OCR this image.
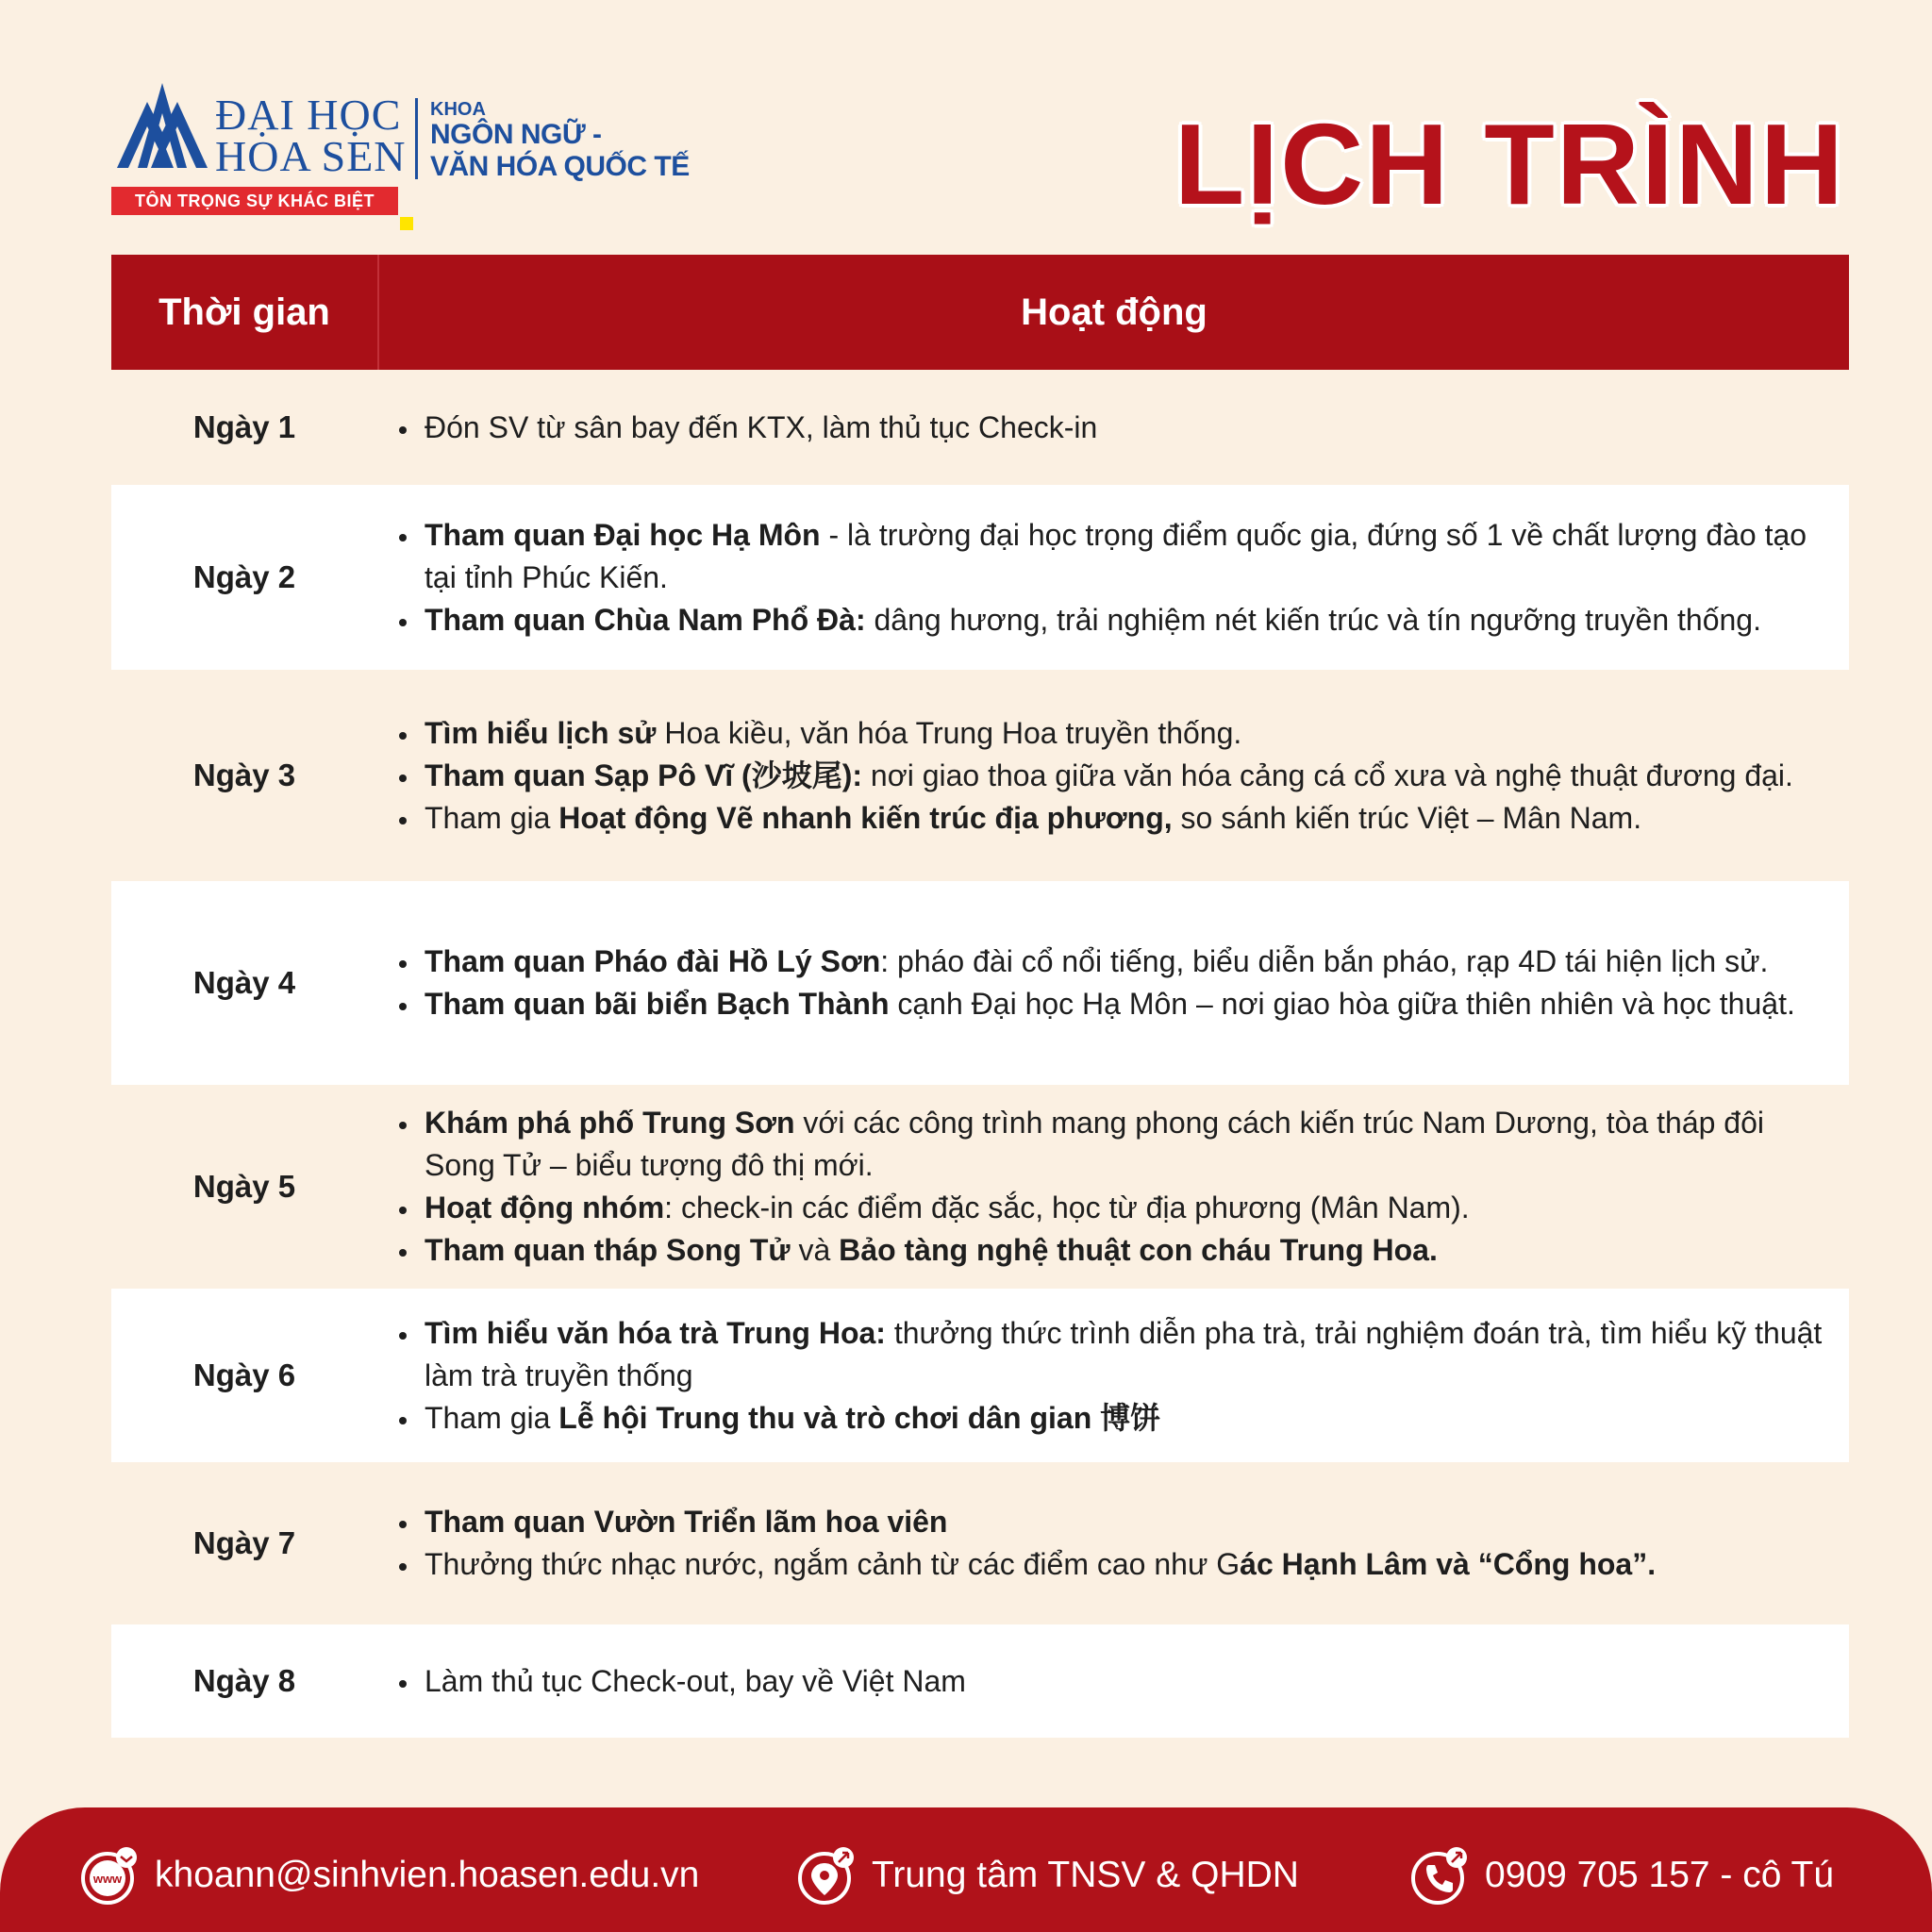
ĐẠI HỌC
HOA SEN
KHOA
NGÔN NGỮ -
VĂN HÓA QUỐC TẾ
TÔN TRỌNG SỰ KHÁC BIỆT	LỊCH TRÌNH
Thời gian	Hoạt động
Ngày 1	• Đón SV từ sân bay đến KTX, làm thủ tục Check-in
Ngày 2
• Tham quan Đại học Hạ Môn - là trường đại học trọng điểm quốc gia, đứng số 1 về chất lượng đào tạo tại tỉnh Phúc Kiến.
• Tham quan Chùa Nam Phổ Đà: dâng hương, trải nghiệm nét kiến trúc và tín ngưỡng truyền thống.
Ngày 3
• Tìm hiểu lịch sử Hoa kiều, văn hóa Trung Hoa truyền thống.
• Tham quan Sạp Pô Vĩ (沙坡尾): nơi giao thoa giữa văn hóa cảng cá cổ xưa và nghệ thuật đương đại.
• Tham gia Hoạt động Vẽ nhanh kiến trúc địa phương, so sánh kiến trúc Việt – Mân Nam.
Ngày 4
• Tham quan Pháo đài Hồ Lý Sơn: pháo đài cổ nổi tiếng, biểu diễn bắn pháo, rạp 4D tái hiện lịch sử.
• Tham quan bãi biển Bạch Thành cạnh Đại học Hạ Môn – nơi giao hòa giữa thiên nhiên và học thuật.
Ngày 5
• Khám phá phố Trung Sơn với các công trình mang phong cách kiến trúc Nam Dương, tòa tháp đôi Song Tử – biểu tượng đô thị mới.
• Hoạt động nhóm: check-in các điểm đặc sắc, học từ địa phương (Mân Nam).
• Tham quan tháp Song Tử và Bảo tàng nghệ thuật con cháu Trung Hoa.
Ngày 6
• Tìm hiểu văn hóa trà Trung Hoa: thưởng thức trình diễn pha trà, trải nghiệm đoán trà, tìm hiểu kỹ thuật làm trà truyền thống
• Tham gia Lễ hội Trung thu và trò chơi dân gian 博饼
Ngày 7
• Tham quan Vườn Triển lãm hoa viên
• Thưởng thức nhạc nước, ngắm cảnh từ các điểm cao như Gác Hạnh Lâm và “Cổng hoa”.
Ngày 8	• Làm thủ tục Check-out, bay về Việt Nam
www khoann@sinhvien.hoasen.edu.vn	Trung tâm TNSV & QHDN	0909 705 157 - cô Tú
